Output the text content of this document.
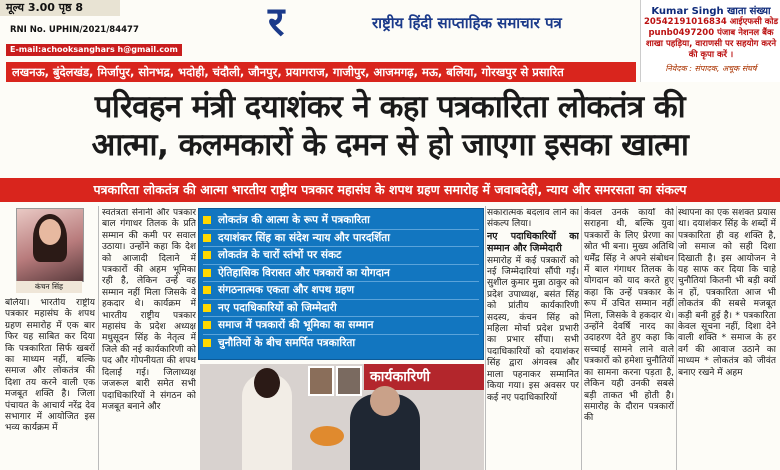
मूल्य 3.00 पृष्ठ 8
RNI No. UPHIN/2021/84477
E-mail:achooksanghars h@gmail.com
र	राष्ट्रीय हिंदी साप्ताहिक समाचार पत्र
Kumar Singh खाता संख्या
20542191016834 आईएफसी कोड punb0497200 पंजाब नेशनल बैंक शाखा पहड़िया, वाराणसी पर सहयोग करने की कृपा करें ।
निवेदक : संपादक, अचूक संघर्ष
लखनऊ, बुंदेलखंड, मिर्जापुर, सोनभद्र, भदोही, चंदौली, जौनपुर, प्रयागराज, गाजीपुर, आजमगढ़, मऊ, बलिया, गोरखपुर से प्रसारित
परिवहन मंत्री दयाशंकर ने कहा पत्रकारिता लोकतंत्र की
आत्मा, कलमकारों के दमन से हो जाएगा इसका खात्मा
पत्रकारिता लोकतंत्र की आत्मा भारतीय राष्ट्रीय पत्रकार महासंघ के शपथ ग्रहण समारोह में जवाबदेही, न्याय और समरसता का संकल्प
कंचन सिंह
बलिया। भारतीय राष्ट्रीय पत्रकार महासंघ के शपथ ग्रहण समारोह में एक बार फिर यह साबित कर दिया कि पत्रकारिता सिर्फ खबरों का माध्यम नहीं, बल्कि समाज और लोकतंत्र की दिशा तय करने वाली एक मजबूत शक्ति है। जिला पंचायत के आचार्य नरेंद्र देव सभागार में आयोजित इस भव्य कार्यक्रम में
स्वतंत्रता सेनानी और पत्रकार बाल गंगाधर तिलक के प्रति सम्मान की कमी पर सवाल उठाया। उन्होंने कहा कि देश को आजादी दिलाने में पत्रकारों की अहम भूमिका रही है, लेकिन उन्हें वह सम्मान नहीं मिला जिसके वे हकदार थे। कार्यक्रम में भारतीय राष्ट्रीय पत्रकार महासंघ के प्रदेश अध्यक्ष मधुसूदन सिंह के नेतृत्व में जिले की नई कार्यकारिणी को पद और गोपनीयता की शपथ दिलाई गई। जिलाध्यक्ष जजरूल बारी समेत सभी पदाधिकारियों ने संगठन को मजबूत बनाने और
लोकतंत्र की आत्मा के रूप में पत्रकारिता
दयाशंकर सिंह का संदेश न्याय और पारदर्शिता
लोकतंत्र के चारों स्तंभों पर संकट
ऐतिहासिक विरासत और पत्रकारों का योगदान
संगठनात्मक एकता और शपथ ग्रहण
नए पदाधिकारियों को जिम्मेदारी
समाज में पत्रकारों की भूमिका का सम्मान
चुनौतियों के बीच समर्पित पत्रकारिता
कार्यकारिणी
सकारात्मक बदलाव लाने का संकल्प लिया।
नए पदाधिकारियों का सम्मान और जिम्मेदारी
समारोह में कई पत्रकारों को नई जिम्मेदारियां सौंपी गईं। सुशील कुमार मुन्ना ठाकुर को प्रदेश उपाध्यक्ष, बसंत सिंह को प्रांतीय कार्यकारिणी सदस्य, कंचन सिंह को महिला मोर्चा प्रदेश प्रभारी का प्रभार सौंपा। सभी पदाधिकारियों को दयाशंकर सिंह द्वारा अंगवस्त्र और माला पहनाकर सम्मानित किया गया। इस अवसर पर कई नए पदाधिकारियों
केवल उनके कार्यों की सराहना थी, बल्कि युवा पत्रकारों के लिए प्रेरणा का स्रोत भी बना। मुख्य अतिथि धर्मेंद्र सिंह ने अपने संबोधन में बाल गंगाधर तिलक के योगदान को याद करते हुए कहा कि उन्हें पत्रकार के रूप में उचित सम्मान नहीं मिला, जिसके वे हकदार थे। उन्होंने देवर्षि नारद का उदाहरण देते हुए कहा कि सच्चाई सामने लाने वाले पत्रकारों को हमेशा चुनौतियों का सामना करना पड़ता है, लेकिन यही उनकी सबसे बड़ी ताकत भी होती है। समारोह के दौरान पत्रकारों की
स्थापना का एक सशक्त प्रयास था। दयाशंकर सिंह के शब्दों में पत्रकारिता ही वह शक्ति है, जो समाज को सही दिशा दिखाती है। इस आयोजन ने यह साफ कर दिया कि चाहे चुनौतियां कितनी भी बड़ी क्यों न हों, पत्रकारिता आज भी लोकतंत्र की सबसे मजबूत कड़ी बनी हुई है। * पत्रकारिता केवल सूचना नहीं, दिशा देने वाली शक्ति * समाज के हर वर्ग की आवाज उठाने का माध्यम * लोकतंत्र को जीवंत बनाए रखने में अहम
